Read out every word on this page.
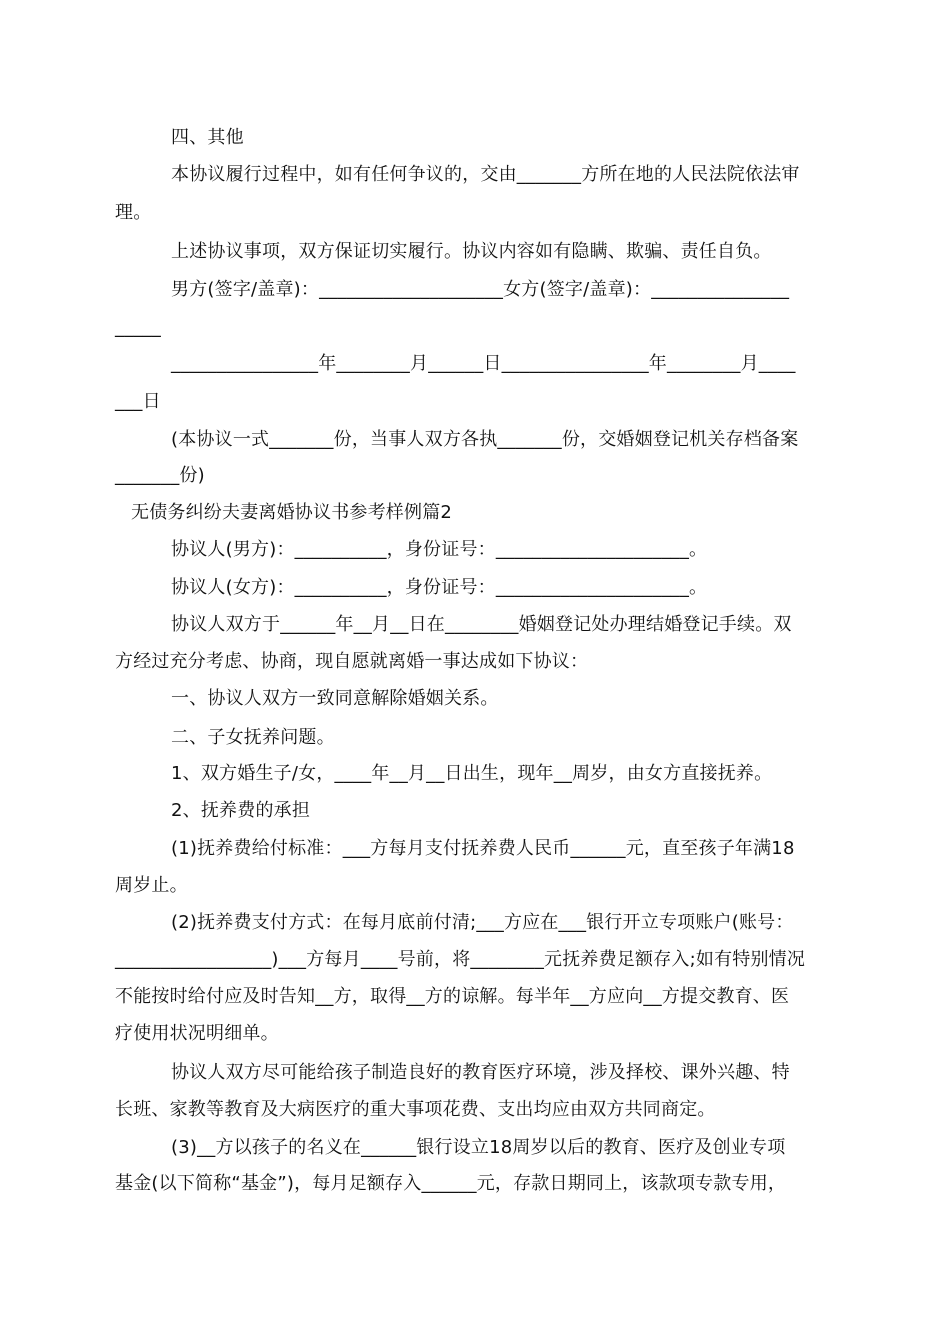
四、其他
本协议履行过程中，如有任何争议的，交由_______方所在地的人民法院依法审
理。
上述协议事项，双方保证切实履行。协议内容如有隐瞒、欺骗、责任自负。
男方(签字/盖章)：____________________女方(签字/盖章)：_______________
_____
________________年________月______日________________年________月____
___日
(本协议一式_______份，当事人双方各执_______份，交婚姻登记机关存档备案
_______份)
无债务纠纷夫妻离婚协议书参考样例篇2
协议人(男方)：__________，身份证号：_____________________。
协议人(女方)：__________，身份证号：_____________________。
协议人双方于______年__月__日在________婚姻登记处办理结婚登记手续。双
方经过充分考虑、协商，现自愿就离婚一事达成如下协议：
一、协议人双方一致同意解除婚姻关系。
二、子女抚养问题。
1、双方婚生子/女，____年__月__日出生，现年__周岁，由女方直接抚养。
2、抚养费的承担
(1)抚养费给付标准：___方每月支付抚养费人民币______元，直至孩子年满18
周岁止。
(2)抚养费支付方式：在每月底前付清;___方应在___银行开立专项账户(账号：
_________________)___方每月____号前，将________元抚养费足额存入;如有特别情况
不能按时给付应及时告知__方，取得__方的谅解。每半年__方应向__方提交教育、医
疗使用状况明细单。
协议人双方尽可能给孩子制造良好的教育医疗环境，涉及择校、课外兴趣、特
长班、家教等教育及大病医疗的重大事项花费、支出均应由双方共同商定。
(3)__方以孩子的名义在______银行设立18周岁以后的教育、医疗及创业专项
基金(以下简称“基金”)，每月足额存入______元，存款日期同上，该款项专款专用，
